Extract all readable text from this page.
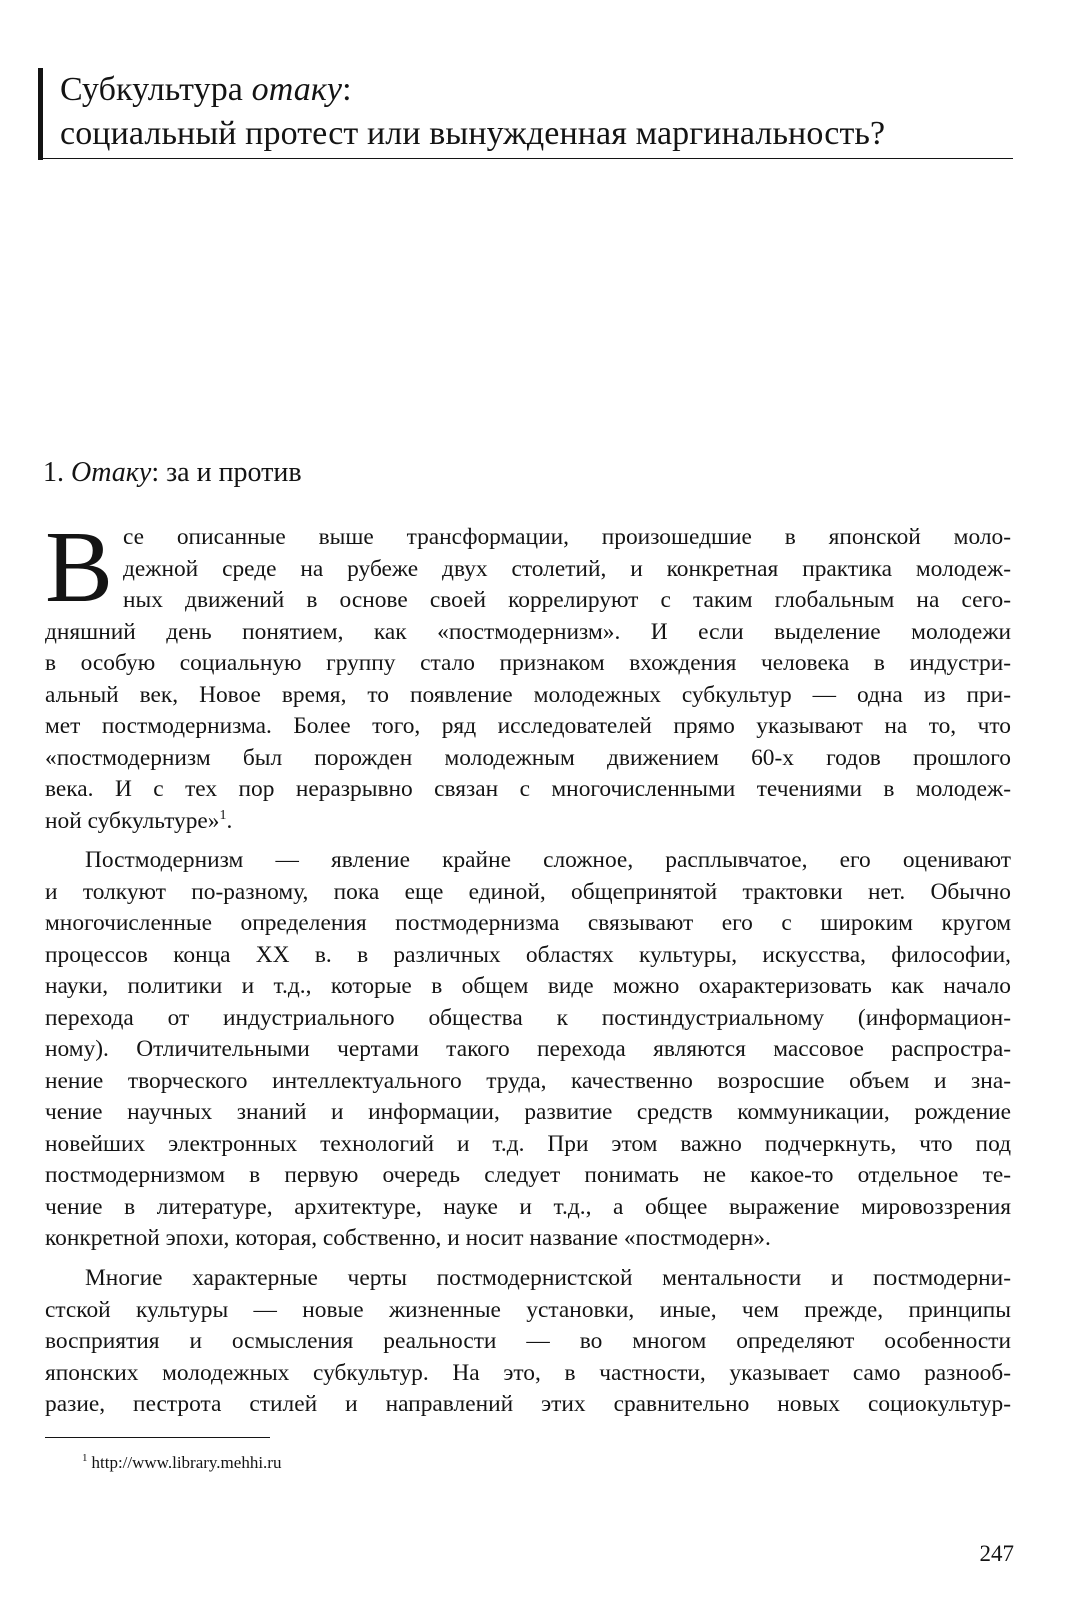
Субкультура отаку:
социальный протест или вынужденная маргинальность?
1. Отаку: за и против
В се описанные выше трансформации, произошедшие в японской моло-
дежной среде на рубеже двух столетий, и конкретная практика молодеж-
ных движений в основе своей коррелируют с таким глобальным на сего-
дняшний день понятием, как «постмодернизм». И если выделение молодежи
в особую социальную группу стало признаком вхождения человека в индустри-
альный век, Новое время, то появление молодежных субкультур — одна из при-
мет постмодернизма. Более того, ряд исследователей прямо указывают на то, что
«постмодернизм был порожден молодежным движением 60-х годов прошлого
века. И с тех пор неразрывно связан с многочисленными течениями в молодеж-
ной субкультуре»$^1$.
Постмодернизм — явление крайне сложное, расплывчатое, его оценивают
и толкуют по-разному, пока еще единой, общепринятой трактовки нет. Обычно
многочисленные определения постмодернизма связывают его с широким кругом
процессов конца XX в. в различных областях культуры, искусства, философии,
науки, политики и т.д., которые в общем виде можно охарактеризовать как начало
перехода от индустриального общества к постиндустриальному (информацион-
ному). Отличительными чертами такого перехода являются массовое распростра-
нение творческого интеллектуального труда, качественно возросшие объем и зна-
чение научных знаний и информации, развитие средств коммуникации, рождение
новейших электронных технологий и т.д. При этом важно подчеркнуть, что под
постмодернизмом в первую очередь следует понимать не какое-то отдельное те-
чение в литературе, архитектуре, науке и т.д., а общее выражение мировоззрения
конкретной эпохи, которая, собственно, и носит название «постмодерн».
Многие характерные черты постмодернистской ментальности и постмодерни-
стской культуры — новые жизненные установки, иные, чем прежде, принципы
восприятия и осмысления реальности — во многом определяют особенности
японских молодежных субкультур. На это, в частности, указывает само разнооб-
разие, пестрота стилей и направлений этих сравнительно новых социокультур-
$^1$ http://www.library.mehhi.ru
247
